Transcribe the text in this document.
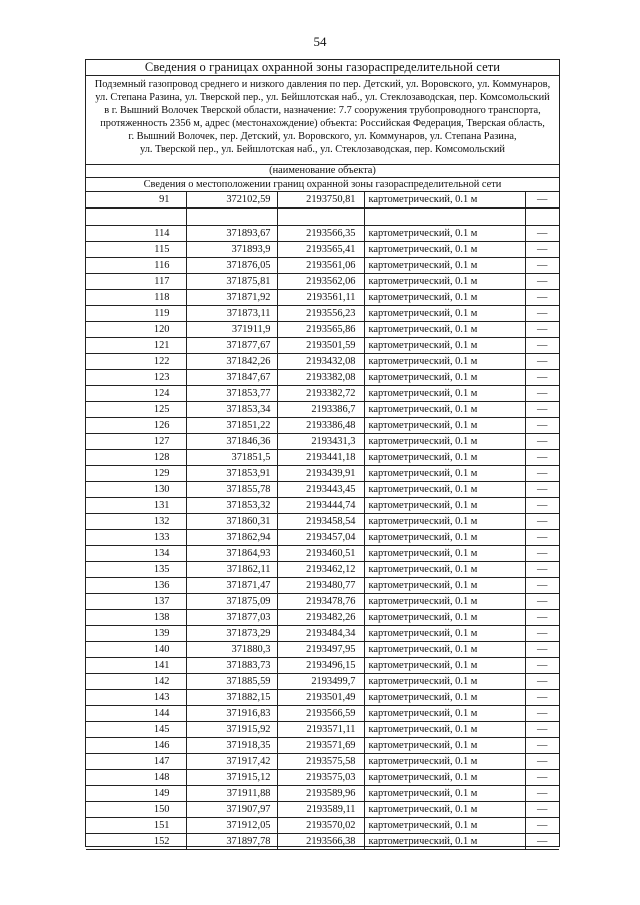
54
Сведения о границах охранной зоны газораспределительной сети
Подземный газопровод среднего и низкого давления по пер. Детский, ул. Воровского, ул. Коммунаров,
ул. Степана Разина, ул. Тверской пер., ул. Бейшлотская наб., ул. Стеклозаводская, пер. Комсомольский
в г. Вышний Волочек Тверской области, назначение: 7.7 сооружения трубопроводного транспорта,
протяженность 2356 м, адрес (местонахождение) объекта: Российская Федерация, Тверская область,
г. Вышний Волочек, пер. Детский, ул. Воровского, ул. Коммунаров, ул. Степана Разина,
ул. Тверской пер., ул. Бейшлотская наб., ул. Стеклозаводская, пер. Комсомольский
(наименование объекта)
Сведения о местоположении границ охранной зоны газораспределительной сети
91	372102,59	2193750,81	картометрический, 0.1 м	—

114	371893,67	2193566,35	картометрический, 0.1 м	—
115	371893,9	2193565,41	картометрический, 0.1 м	—
116	371876,05	2193561,06	картометрический, 0.1 м	—
117	371875,81	2193562,06	картометрический, 0.1 м	—
118	371871,92	2193561,11	картометрический, 0.1 м	—
119	371873,11	2193556,23	картометрический, 0.1 м	—
120	371911,9	2193565,86	картометрический, 0.1 м	—
121	371877,67	2193501,59	картометрический, 0.1 м	—
122	371842,26	2193432,08	картометрический, 0.1 м	—
123	371847,67	2193382,08	картометрический, 0.1 м	—
124	371853,77	2193382,72	картометрический, 0.1 м	—
125	371853,34	2193386,7	картометрический, 0.1 м	—
126	371851,22	2193386,48	картометрический, 0.1 м	—
127	371846,36	2193431,3	картометрический, 0.1 м	—
128	371851,5	2193441,18	картометрический, 0.1 м	—
129	371853,91	2193439,91	картометрический, 0.1 м	—
130	371855,78	2193443,45	картометрический, 0.1 м	—
131	371853,32	2193444,74	картометрический, 0.1 м	—
132	371860,31	2193458,54	картометрический, 0.1 м	—
133	371862,94	2193457,04	картометрический, 0.1 м	—
134	371864,93	2193460,51	картометрический, 0.1 м	—
135	371862,11	2193462,12	картометрический, 0.1 м	—
136	371871,47	2193480,77	картометрический, 0.1 м	—
137	371875,09	2193478,76	картометрический, 0.1 м	—
138	371877,03	2193482,26	картометрический, 0.1 м	—
139	371873,29	2193484,34	картометрический, 0.1 м	—
140	371880,3	2193497,95	картометрический, 0.1 м	—
141	371883,73	2193496,15	картометрический, 0.1 м	—
142	371885,59	2193499,7	картометрический, 0.1 м	—
143	371882,15	2193501,49	картометрический, 0.1 м	—
144	371916,83	2193566,59	картометрический, 0.1 м	—
145	371915,92	2193571,11	картометрический, 0.1 м	—
146	371918,35	2193571,69	картометрический, 0.1 м	—
147	371917,42	2193575,58	картометрический, 0.1 м	—
148	371915,12	2193575,03	картометрический, 0.1 м	—
149	371911,88	2193589,96	картометрический, 0.1 м	—
150	371907,97	2193589,11	картометрический, 0.1 м	—
151	371912,05	2193570,02	картометрический, 0.1 м	—
152	371897,78	2193566,38	картометрический, 0.1 м	—
